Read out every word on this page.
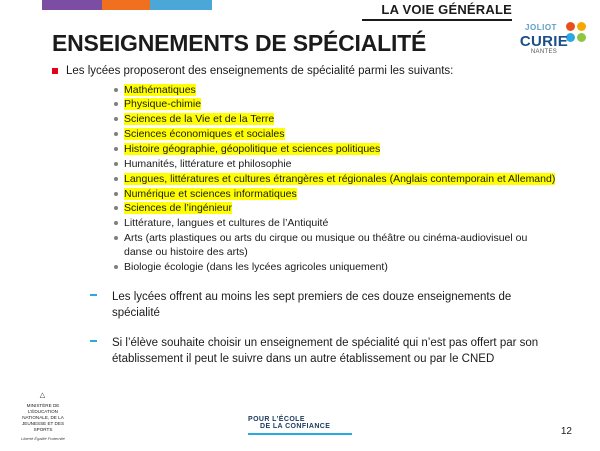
LA VOIE GÉNÉRALE
JOLIOT
CURIE
NANTES
ENSEIGNEMENTS DE SPÉCIALITÉ
Les lycées proposeront des enseignements de spécialité parmi les suivants:
Mathématiques
Physique-chimie
Sciences de la Vie et de la Terre
Sciences économiques et sociales
Histoire géographie, géopolitique et sciences politiques
Humanités, littérature et philosophie
Langues, littératures et cultures étrangères et régionales (Anglais contemporain et Allemand)
Numérique et sciences informatiques
Sciences de l’ingénieur
Littérature, langues et cultures de l’Antiquité
Arts (arts plastiques ou arts du cirque ou musique ou théâtre ou cinéma-audiovisuel ou danse ou histoire des arts)
Biologie écologie (dans les lycées agricoles uniquement)
Les lycées offrent au moins les sept premiers de ces douze enseignements de spécialité
Si l’élève souhaite choisir un enseignement de spécialité qui n’est pas offert par son établissement il peut le suivre dans un autre établissement ou par le CNED
△
MINISTÈRE DE L’ÉDUCATION NATIONALE, DE LA JEUNESSE ET DES SPORTS
Liberté Égalité Fraternité
POUR L’ÉCOLE
DE LA CONFIANCE	12
